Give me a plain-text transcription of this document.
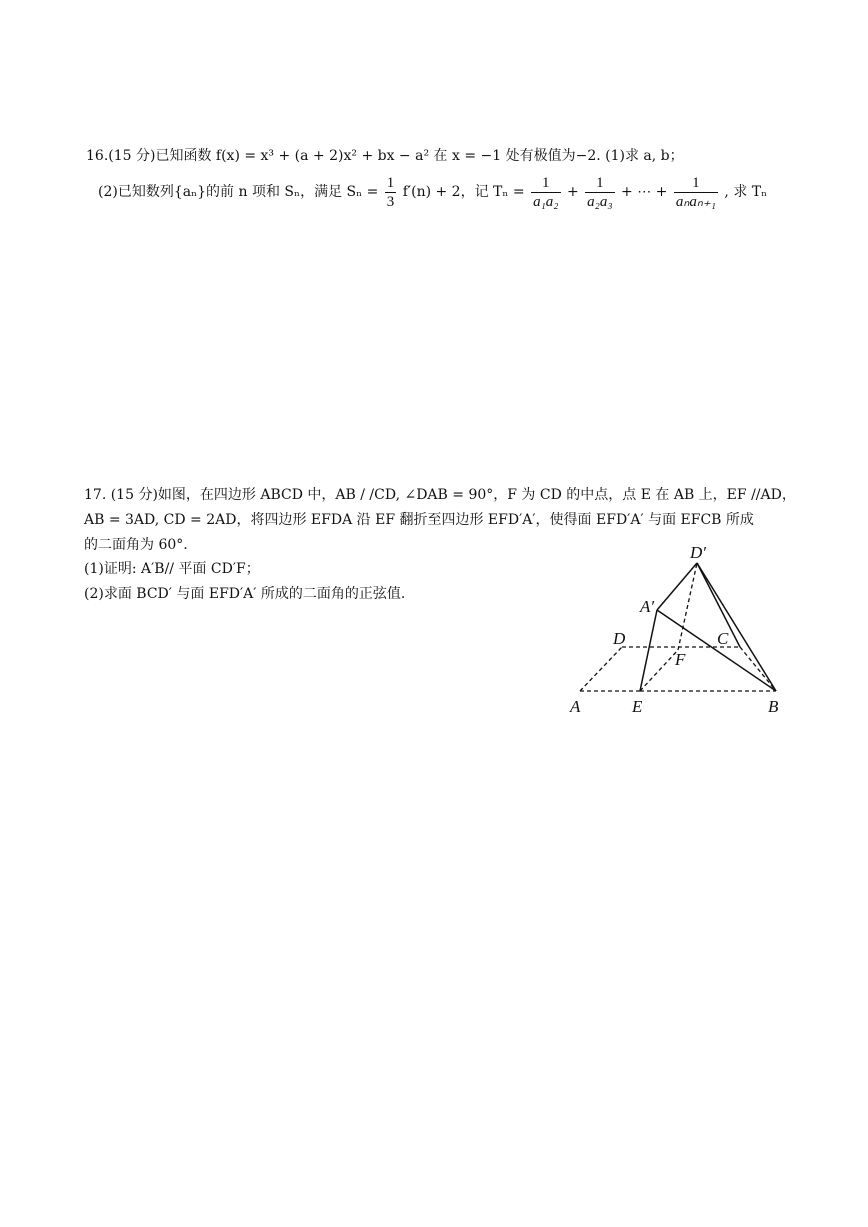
16.(15 分)已知函数 f(x) = x³ + (a + 2)x² + bx − a² 在 x = −1 处有极值为−2. (1)求 a, b；
(2)已知数列{aₙ}的前 n 项和 Sₙ，满足 $S_n = \frac{1}{3} f'(n) + 2$，记 $T_n = \frac{1}{\text{a₁a₂}} + \frac{1}{\text{a₂a₃}}$ + ⋯ + $\frac{1}{\text{aₙaₙ₊₁}}$ , 求 Tₙ
17. (15 分)如图，在四边形 ABCD 中，AB / /CD, ∠DAB = 90°，F 为 CD 的中点，点 E 在 AB 上，EF //AD，
AB = 3AD, CD = 2AD，将四边形 EFDA 沿 EF 翻折至四边形 EFD′A′，使得面 EFD′A′ 与面 EFCB 所成
的二面角为 60°.
(1)证明: A′B// 平面 CD′F；
(2)求面 BCD′ 与面 EFD′A′ 所成的二面角的正弦值.
D′
A′
D	C
F
A	E	B
